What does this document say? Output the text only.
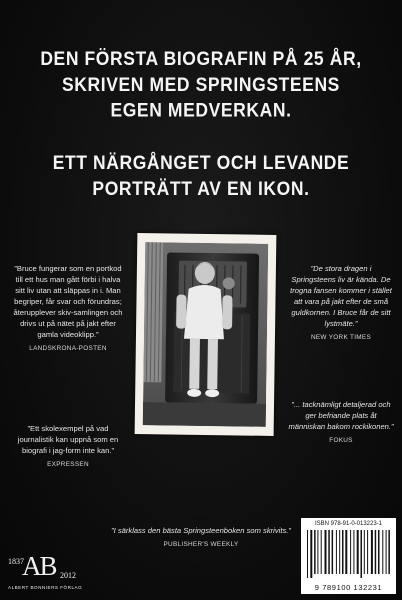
DEN FÖRSTA BIOGRAFIN PÅ 25 ÅR,
SKRIVEN MED SPRINGSTEENS
EGEN MEDVERKAN.
ETT NÄRGÅNGET OCH LEVANDE
PORTRÄTT AV EN IKON.
”Bruce fungerar som en portkod till ett hus man gått förbi i halva sitt liv utan att släppas in i. Man begriper, får svar och förundras; återupplever skiv-samlingen och drivs ut på nätet på jakt efter gamla videoklipp.”
LANDSKRONA-POSTEN
”Ett skolexempel på vad journalistik kan uppnå som en biografi i jag-form inte kan.”
EXPRESSEN
”De stora dragen i Springsteens liv är kända. De trogna fansen kommer i stället att vara på jakt efter de små guldkornen. I Bruce får de sitt lystmäte.”
NEW YORK TIMES
”... tacknämligt detaljerad och ger befriande plats åt människan bakom rockikonen.”
FOKUS
”I särklass den bästa Springsteenboken som skrivits.”
PUBLISHER'S WEEKLY
1837
AB 2012
ALBERT BONNIERS FÖRLAG
ISBN 978-91-0-013223-1
9 789100 132231
